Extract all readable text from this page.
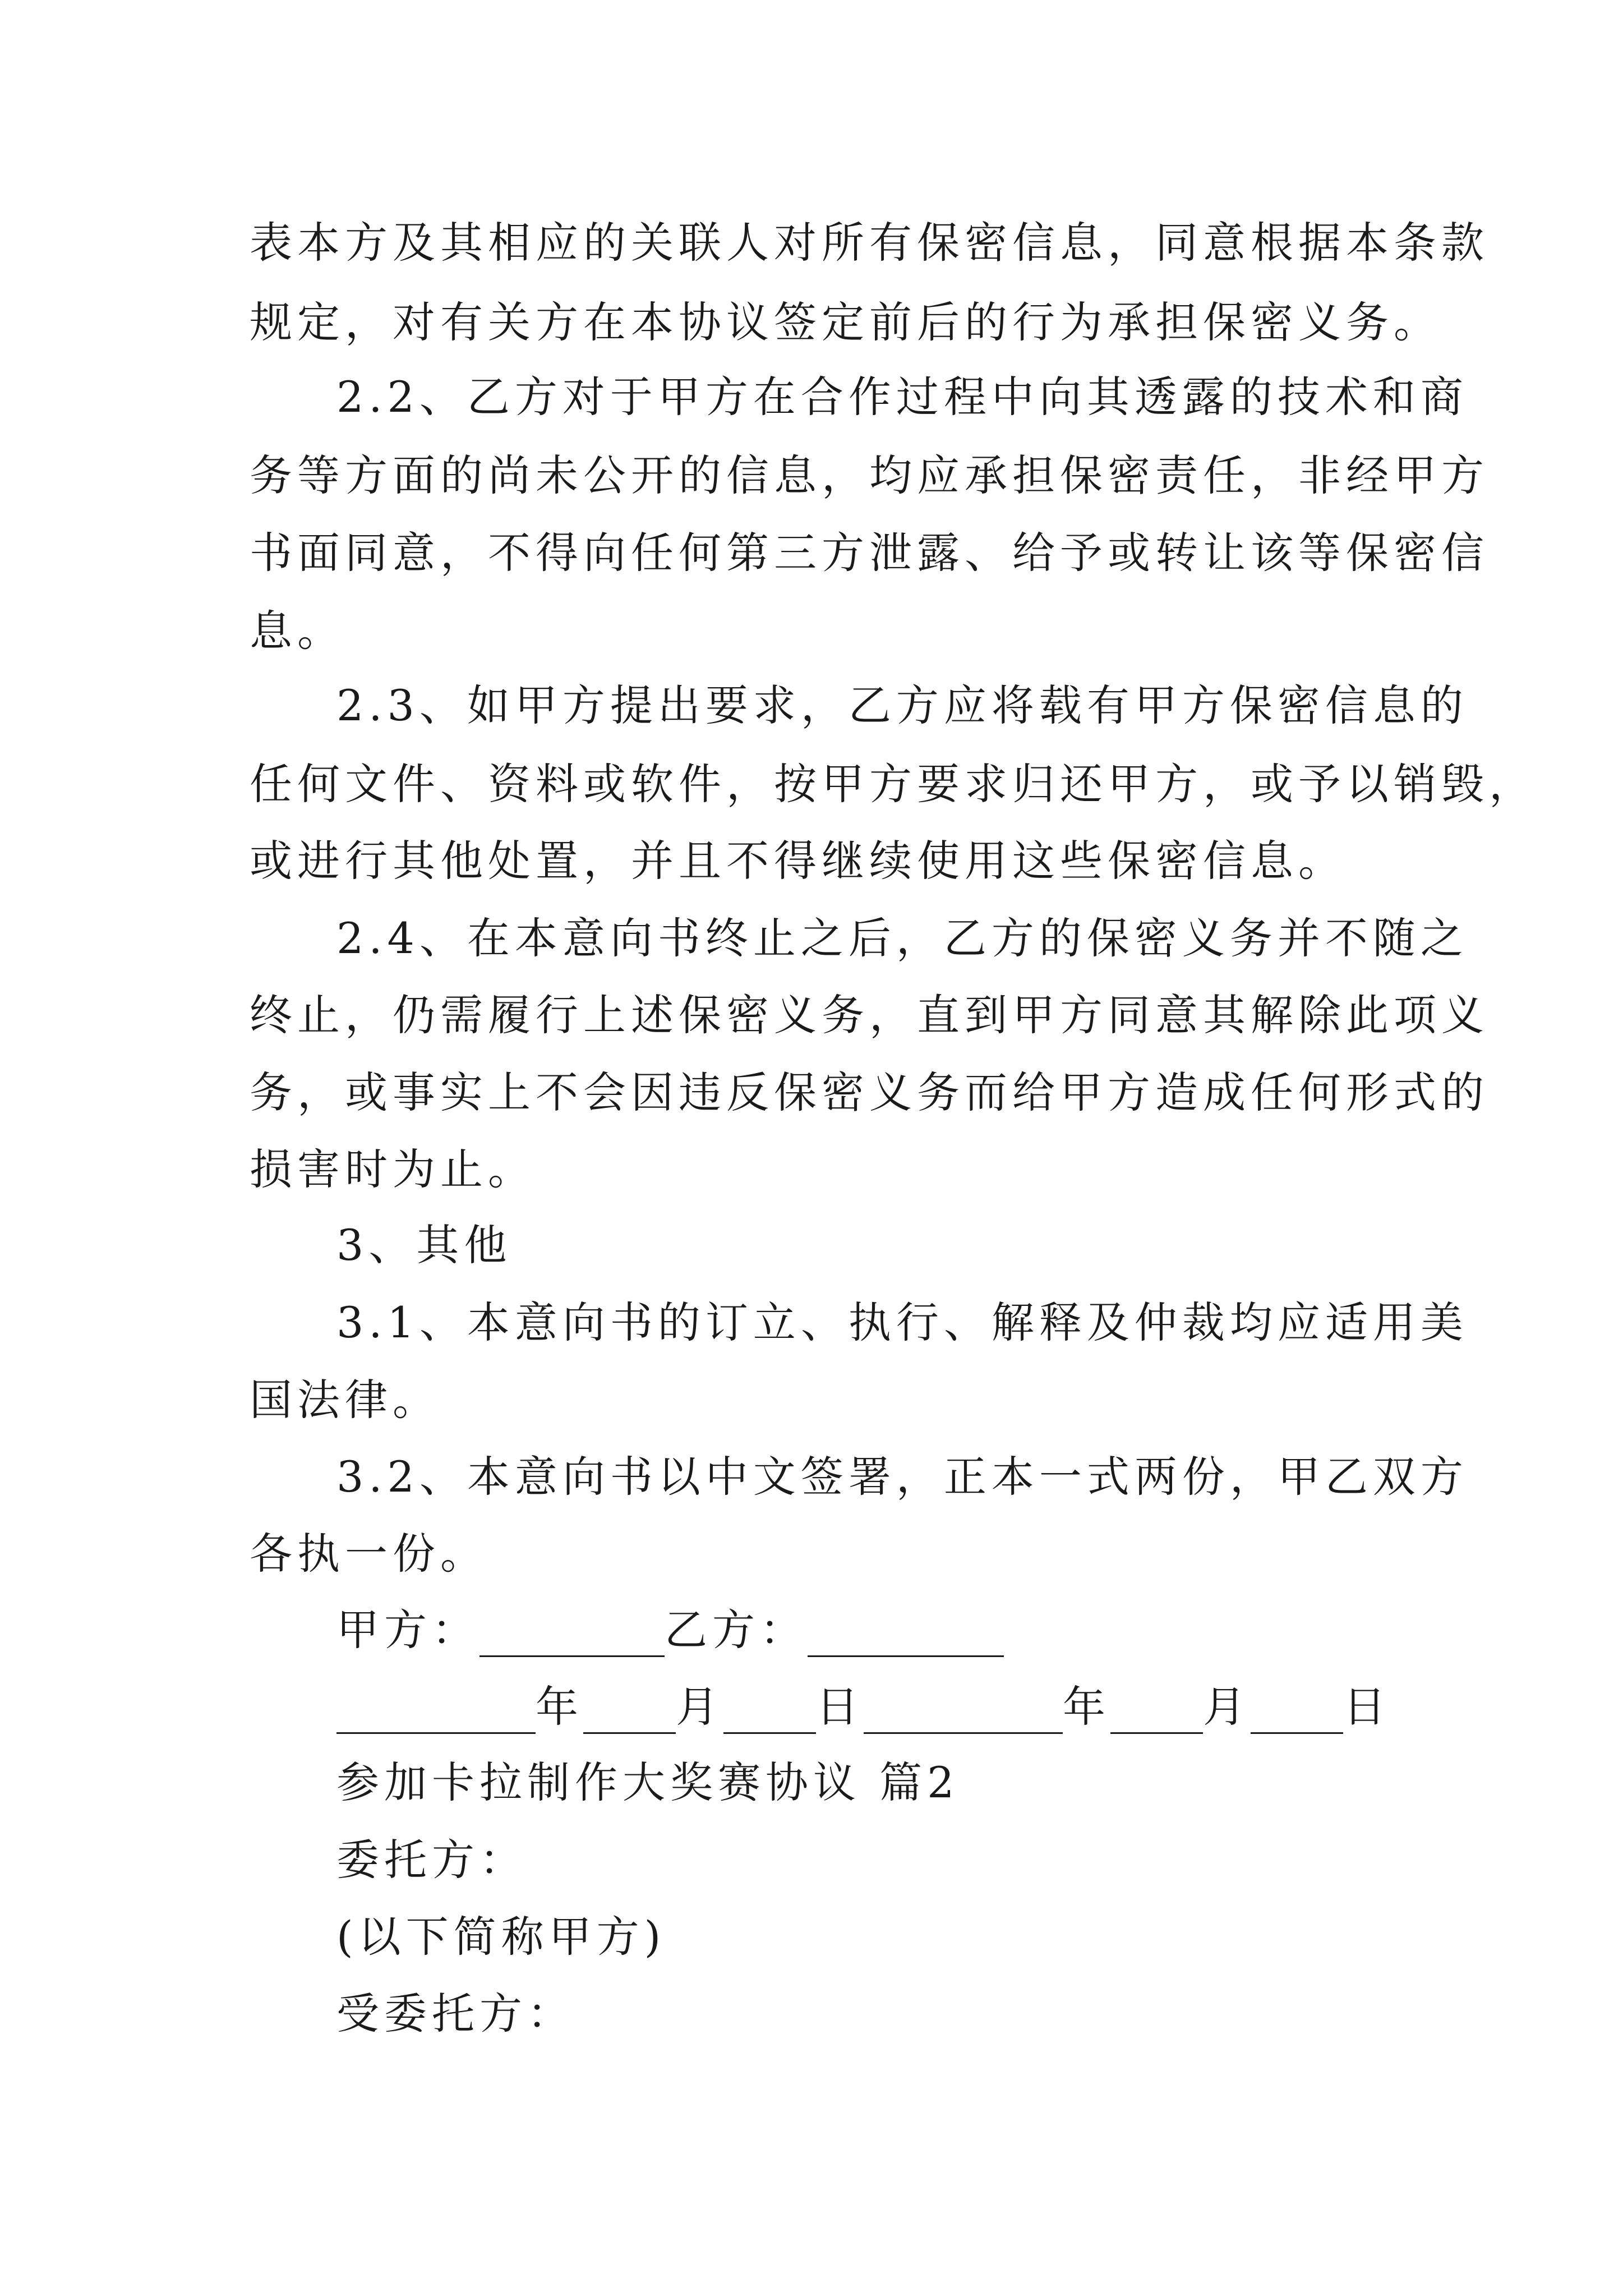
表本方及其相应的关联人对所有保密信息，同意根据本条款
规定，对有关方在本协议签定前后的行为承担保密义务。
2.2、乙方对于甲方在合作过程中向其透露的技术和商
务等方面的尚未公开的信息，均应承担保密责任，非经甲方
书面同意，不得向任何第三方泄露、给予或转让该等保密信
息。
2.3、如甲方提出要求，乙方应将载有甲方保密信息的
任何文件、资料或软件，按甲方要求归还甲方，或予以销毁，
或进行其他处置，并且不得继续使用这些保密信息。
2.4、在本意向书终止之后，乙方的保密义务并不随之
终止，仍需履行上述保密义务，直到甲方同意其解除此项义
务，或事实上不会因违反保密义务而给甲方造成任何形式的
损害时为止。
3、其他
3.1、本意向书的订立、执行、解释及仲裁均应适用美
国法律。
3.2、本意向书以中文签署，正本一式两份，甲乙双方
各执一份。
甲方：	乙方：
年 月 日	年 月 日
参加卡拉制作大奖赛协议 篇2
委托方：
(以下简称甲方)
受委托方：
